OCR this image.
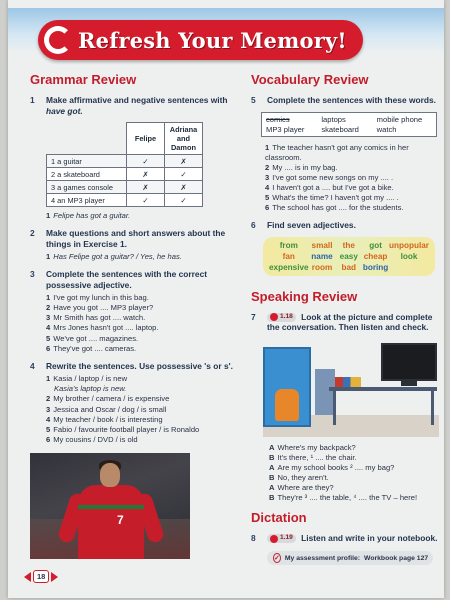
Refresh Your Memory!
Grammar Review
1	Make affirmative and negative sentences with have got.
	Felipe	Adriana and Damon
1 a guitar	✓	✗
2 a skateboard	✗	✓
3 a games console	✗	✗
4 an MP3 player	✓	✓
1 Felipe has got a guitar.
2	Make questions and short answers about the things in Exercise 1.
1 Has Felipe got a guitar? / Yes, he has.
3	Complete the sentences with the correct possessive adjective.
1 I've got my lunch in this bag.
2 Have you got .... MP3 player?
3 Mr Smith has got .... watch.
4 Mrs Jones hasn't got .... laptop.
5 We've got .... magazines.
6 They've got .... cameras.
4	Rewrite the sentences. Use possessive 's or s'.
1 Kasia / laptop / is new
Kasia's laptop is new.
2 My brother / camera / is expensive
3 Jessica and Oscar / dog / is small
4 My teacher / book / is interesting
5 Fabio / favourite football player / is Ronaldo
6 My cousins / DVD / is old
7
Vocabulary Review
5	Complete the sentences with these words.
comics	laptops	mobile phone
MP3 player	skateboard	watch
1 The teacher hasn't got any comics in her classroom.
2 My .... is in my bag.
3 I've got some new songs on my .... .
4 I haven't got a .... but I've got a bike.
5 What's the time? I haven't got my .... .
6 The school has got .... for the students.
6	Find seven adjectives.
from	small	the	got unpopular
fan	name easy cheap	look
expensive room	bad boring
Speaking Review
7	1.18 Look at the picture and complete the conversation. Then listen and check.
A Where's my backpack?
B It's there, ¹ .... the chair.
A Are my school books ² .... my bag?
B No, they aren't.
A Where are they?
B They're ³ .... the table, ⁴ .... the TV – here!
Dictation
8	1.19 Listen and write in your notebook.
✓ My assessment profile: Workbook page 127
18
